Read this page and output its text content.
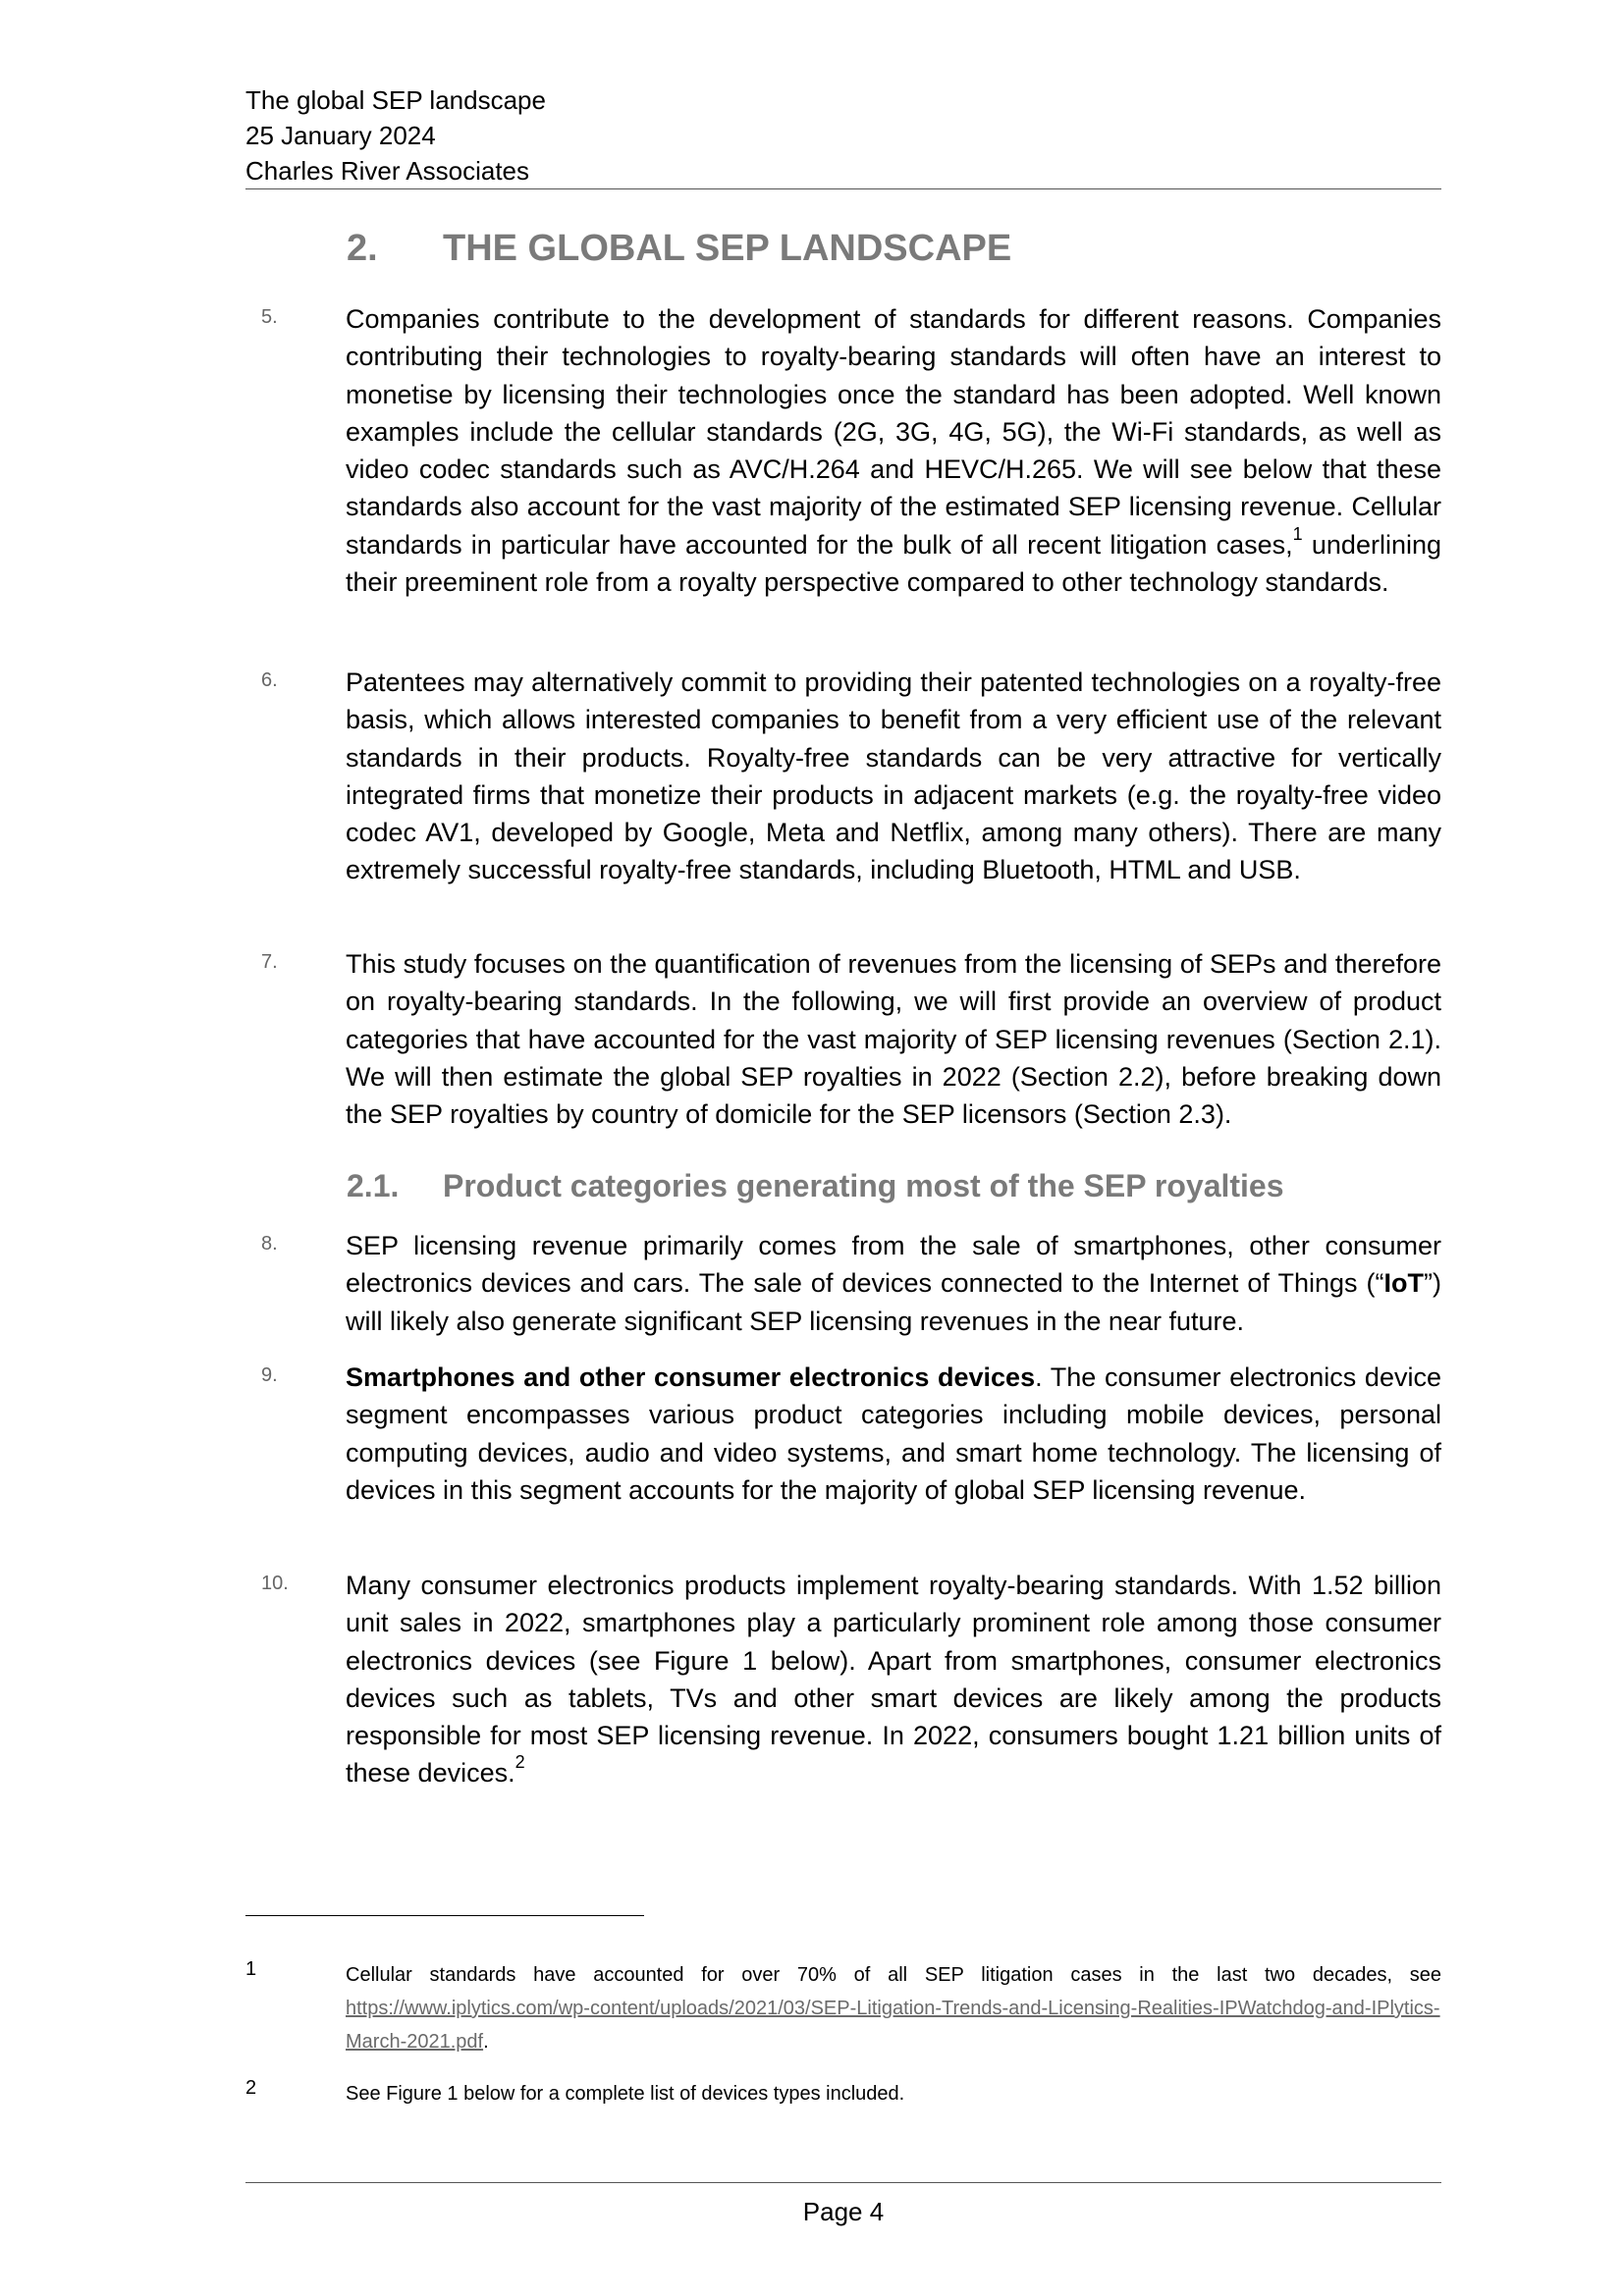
The global SEP landscape
25 January 2024
Charles River Associates
2. THE GLOBAL SEP LANDSCAPE
5.	Companies contribute to the development of standards for different reasons. Companies contributing their technologies to royalty-bearing standards will often have an interest to monetise by licensing their technologies once the standard has been adopted. Well known examples include the cellular standards (2G, 3G, 4G, 5G), the Wi-Fi standards, as well as video codec standards such as AVC/H.264 and HEVC/H.265. We will see below that these standards also account for the vast majority of the estimated SEP licensing revenue. Cellular standards in particular have accounted for the bulk of all recent litigation cases,$^1$ underlining their preeminent role from a royalty perspective compared to other technology standards.
6.	Patentees may alternatively commit to providing their patented technologies on a royalty-free basis, which allows interested companies to benefit from a very efficient use of the relevant standards in their products. Royalty-free standards can be very attractive for vertically integrated firms that monetize their products in adjacent markets (e.g. the royalty-free video codec AV1, developed by Google, Meta and Netflix, among many others). There are many extremely successful royalty-free standards, including Bluetooth, HTML and USB.
7.	This study focuses on the quantification of revenues from the licensing of SEPs and therefore on royalty-bearing standards. In the following, we will first provide an overview of product categories that have accounted for the vast majority of SEP licensing revenues (Section 2.1). We will then estimate the global SEP royalties in 2022 (Section 2.2), before breaking down the SEP royalties by country of domicile for the SEP licensors (Section 2.3).
2.1. Product categories generating most of the SEP royalties
8.	SEP licensing revenue primarily comes from the sale of smartphones, other consumer electronics devices and cars. The sale of devices connected to the Internet of Things (“IoT”) will likely also generate significant SEP licensing revenues in the near future.
9.	Smartphones and other consumer electronics devices. The consumer electronics device segment encompasses various product categories including mobile devices, personal computing devices, audio and video systems, and smart home technology. The licensing of devices in this segment accounts for the majority of global SEP licensing revenue.
10. Many consumer electronics products implement royalty-bearing standards. With 1.52 billion unit sales in 2022, smartphones play a particularly prominent role among those consumer electronics devices (see Figure 1 below). Apart from smartphones, consumer electronics devices such as tablets, TVs and other smart devices are likely among the products responsible for most SEP licensing revenue. In 2022, consumers bought 1.21 billion units of these devices.$^2$
1	Cellular standards have accounted for over 70% of all SEP litigation cases in the last two decades, see https://www.iplytics.com/wp-content/uploads/2021/03/SEP-Litigation-Trends-and-Licensing-Realities-IPWatchdog-and-IPlytics-March-2021.pdf.
2	See Figure 1 below for a complete list of devices types included.
Page 4
